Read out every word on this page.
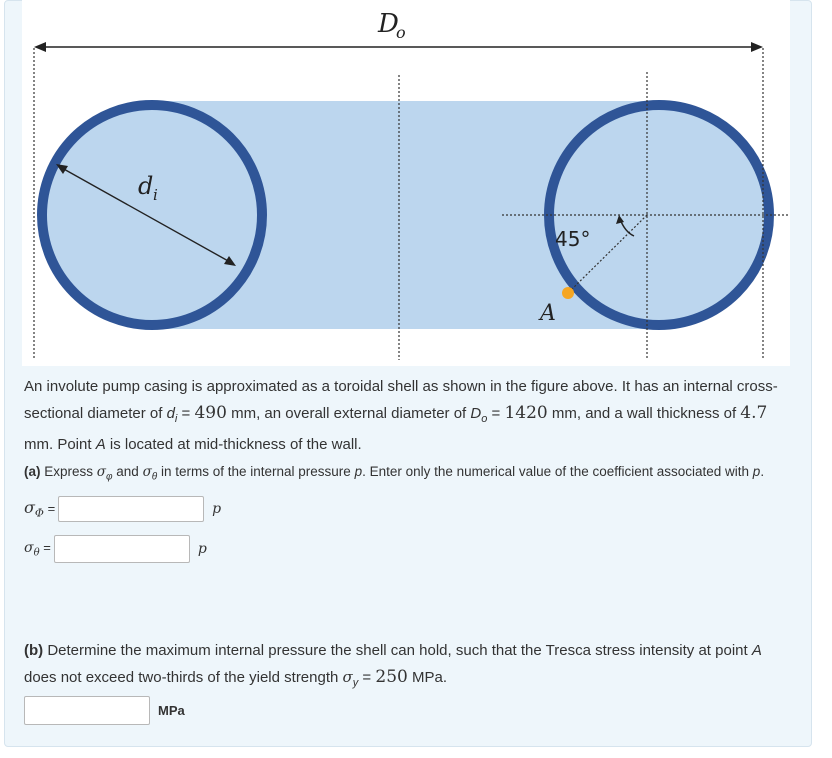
D
o
d i
45°
A
An involute pump casing is approximated as a toroidal shell as shown in the figure above. It has an internal cross-sectional diameter of $d_i = 490$ mm, an overall external diameter of $D_o = 1420$ mm, and a wall thickness of 4.7 mm. Point A is located at mid-thickness of the wall.
(a) Express $\sigma_\varphi$ and $\sigma_\theta$ in terms of the internal pressure p. Enter only the numerical value of the coefficient associated with p.
$\sigma_\Phi$ =	p
$\sigma_\theta$ =	p
(b) Determine the maximum internal pressure the shell can hold, such that the Tresca stress intensity at point A does not exceed two-thirds of the yield strength $\sigma_y = 250$ MPa.
MPa
